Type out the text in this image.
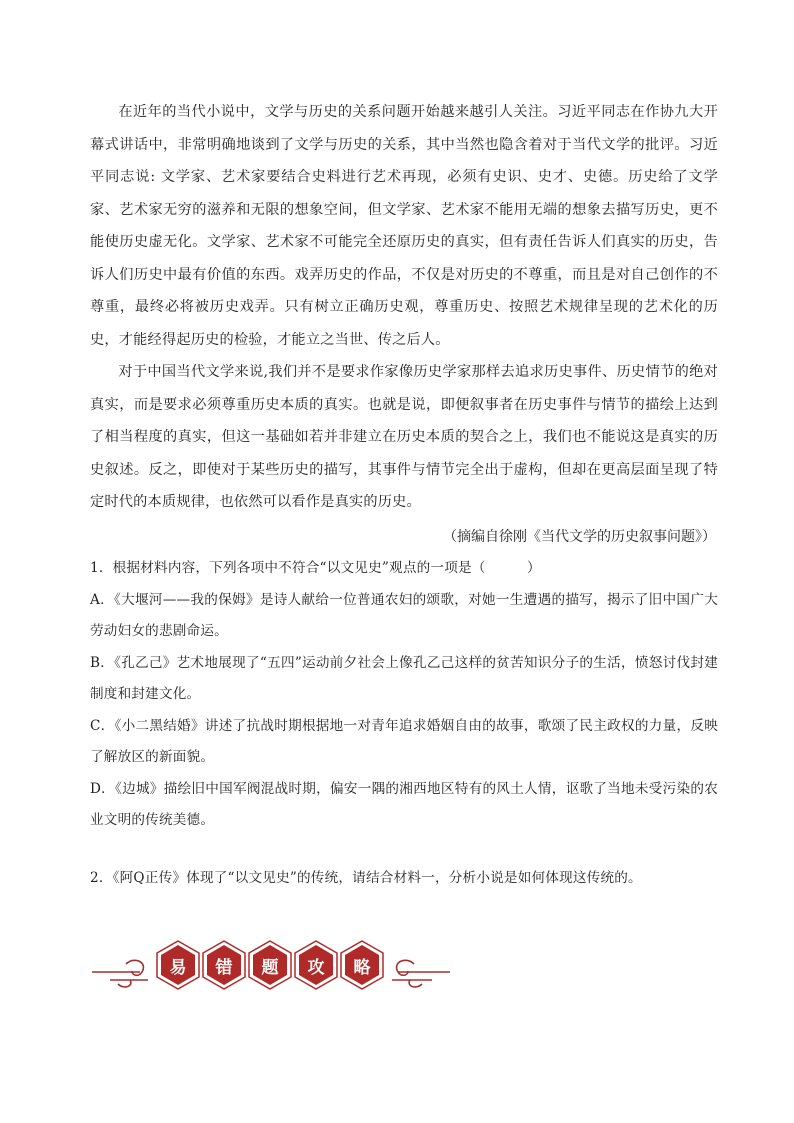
在近年的当代小说中，文学与历史的关系问题开始越来越引人关注。习近平同志在作协九大开幕式讲话中，非常明确地谈到了文学与历史的关系，其中当然也隐含着对于当代文学的批评。习近平同志说: 文学家、艺术家要结合史料进行艺术再现，必须有史识、史才、史德。历史给了文学家、艺术家无穷的滋养和无限的想象空间，但文学家、艺术家不能用无端的想象去描写历史，更不能使历史虚无化。文学家、艺术家不可能完全还原历史的真实，但有责任告诉人们真实的历史，告诉人们历史中最有价值的东西。戏弄历史的作品，不仅是对历史的不尊重，而且是对自己创作的不尊重，最终必将被历史戏弄。只有树立正确历史观，尊重历史、按照艺术规律呈现的艺术化的历史，才能经得起历史的检验，才能立之当世、传之后人。

对于中国当代文学来说,我们并不是要求作家像历史学家那样去追求历史事件、历史情节的绝对真实，而是要求必须尊重历史本质的真实。也就是说，即便叙事者在历史事件与情节的描绘上达到了相当程度的真实，但这一基础如若并非建立在历史本质的契合之上，我们也不能说这是真实的历史叙述。反之，即使对于某些历史的描写，其事件与情节完全出于虚构，但却在更高层面呈现了特定时代的本质规律，也依然可以看作是真实的历史。

（摘编自徐刚《当代文学的历史叙事问题》）

1．根据材料内容，下列各项中不符合“以文见史”观点的一项是（　　　）

A．《大堰河——我的保姆》是诗人献给一位普通农妇的颂歌，对她一生遭遇的描写，揭示了旧中国广大劳动妇女的悲剧命运。

B．《孔乙己》艺术地展现了“五四”运动前夕社会上像孔乙己这样的贫苦知识分子的生活，愤怒讨伐封建制度和封建文化。

C．《小二黑结婚》讲述了抗战时期根据地一对青年追求婚姻自由的故事，歌颂了民主政权的力量，反映了解放区的新面貌。

D．《边城》描绘旧中国军阀混战时期，偏安一隅的湘西地区特有的风土人情，讴歌了当地未受污染的农业文明的传统美德。

2．《阿Q正传》体现了“以文见史”的传统，请结合材料一，分析小说是如何体现这传统的。

易 错 题 攻 略
